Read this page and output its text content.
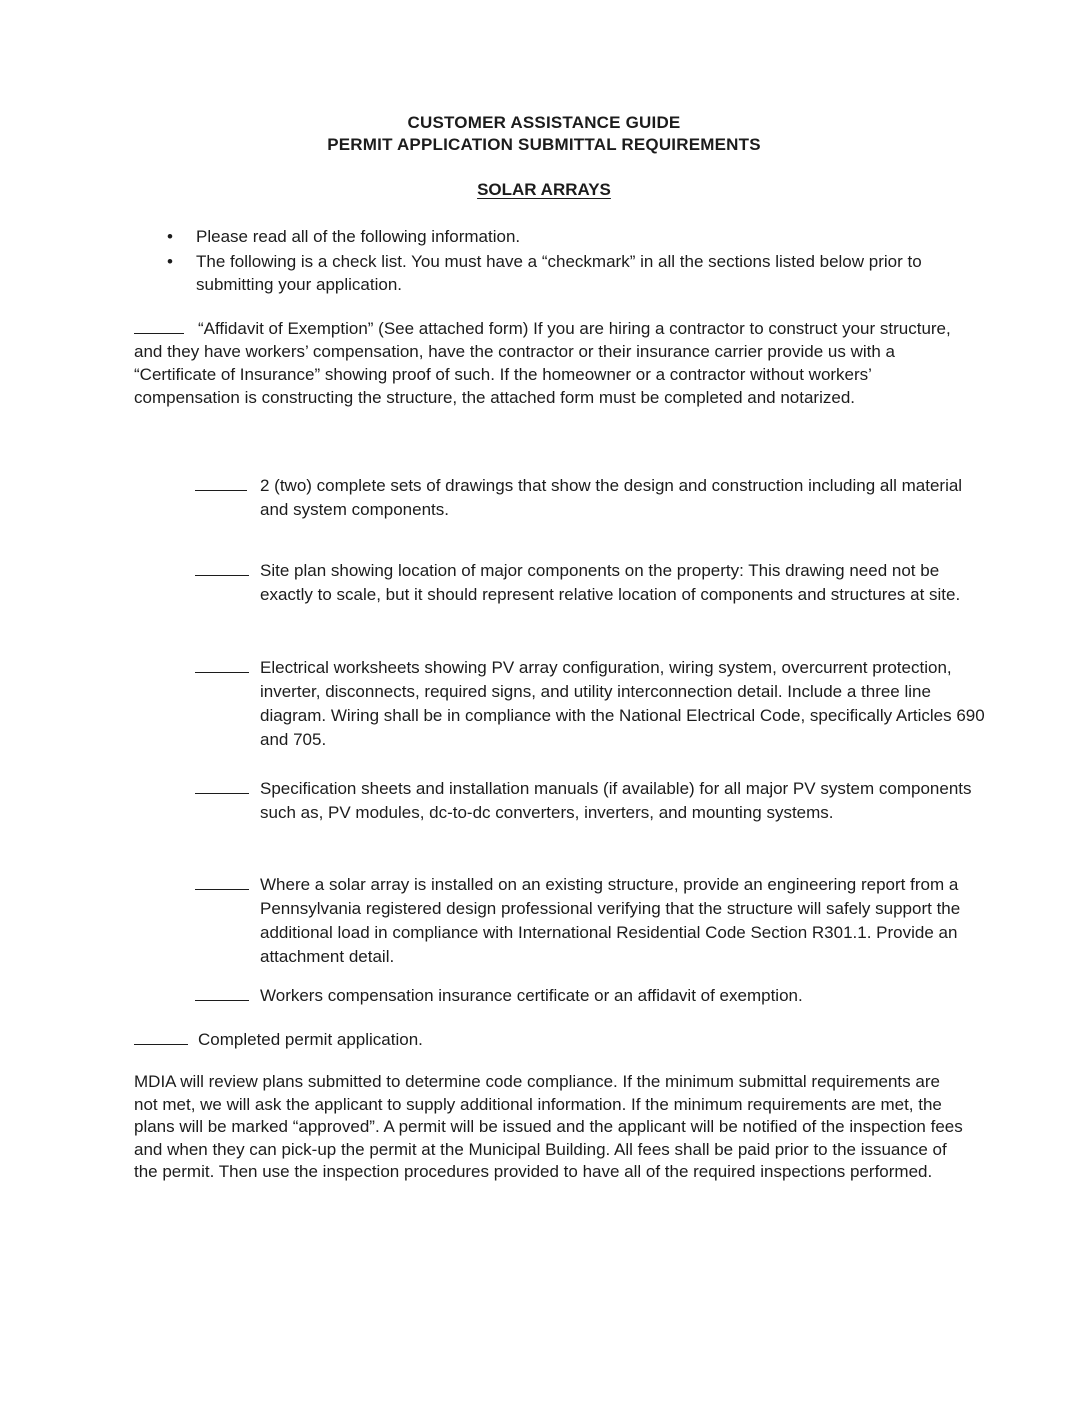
CUSTOMER ASSISTANCE GUIDE
PERMIT APPLICATION SUBMITTAL REQUIREMENTS
SOLAR ARRAYS
• Please read all of the following information.
• The following is a check list. You must have a “checkmark” in all the sections listed below prior to submitting your application.
“Affidavit of Exemption” (See attached form) If you are hiring a contractor to construct your structure, and they have workers’ compensation, have the contractor or their insurance carrier provide us with a “Certificate of Insurance” showing proof of such. If the homeowner or a contractor without workers’ compensation is constructing the structure, the attached form must be completed and notarized.
2 (two) complete sets of drawings that show the design and construction including all material and system components.
Site plan showing location of major components on the property: This drawing need not be exactly to scale, but it should represent relative location of components and structures at site.
Electrical worksheets showing PV array configuration, wiring system, overcurrent protection, inverter, disconnects, required signs, and utility interconnection detail. Include a three line diagram. Wiring shall be in compliance with the National Electrical Code, specifically Articles 690 and 705.
Specification sheets and installation manuals (if available) for all major PV system components such as, PV modules, dc-to-dc converters, inverters, and mounting systems.
Where a solar array is installed on an existing structure, provide an engineering report from a Pennsylvania registered design professional verifying that the structure will safely support the additional load in compliance with International Residential Code Section R301.1. Provide an attachment detail.
Workers compensation insurance certificate or an affidavit of exemption.
Completed permit application.
MDIA will review plans submitted to determine code compliance. If the minimum submittal requirements are not met, we will ask the applicant to supply additional information. If the minimum requirements are met, the plans will be marked “approved”. A permit will be issued and the applicant will be notified of the inspection fees and when they can pick-up the permit at the Municipal Building. All fees shall be paid prior to the issuance of the permit. Then use the inspection procedures provided to have all of the required inspections performed.
